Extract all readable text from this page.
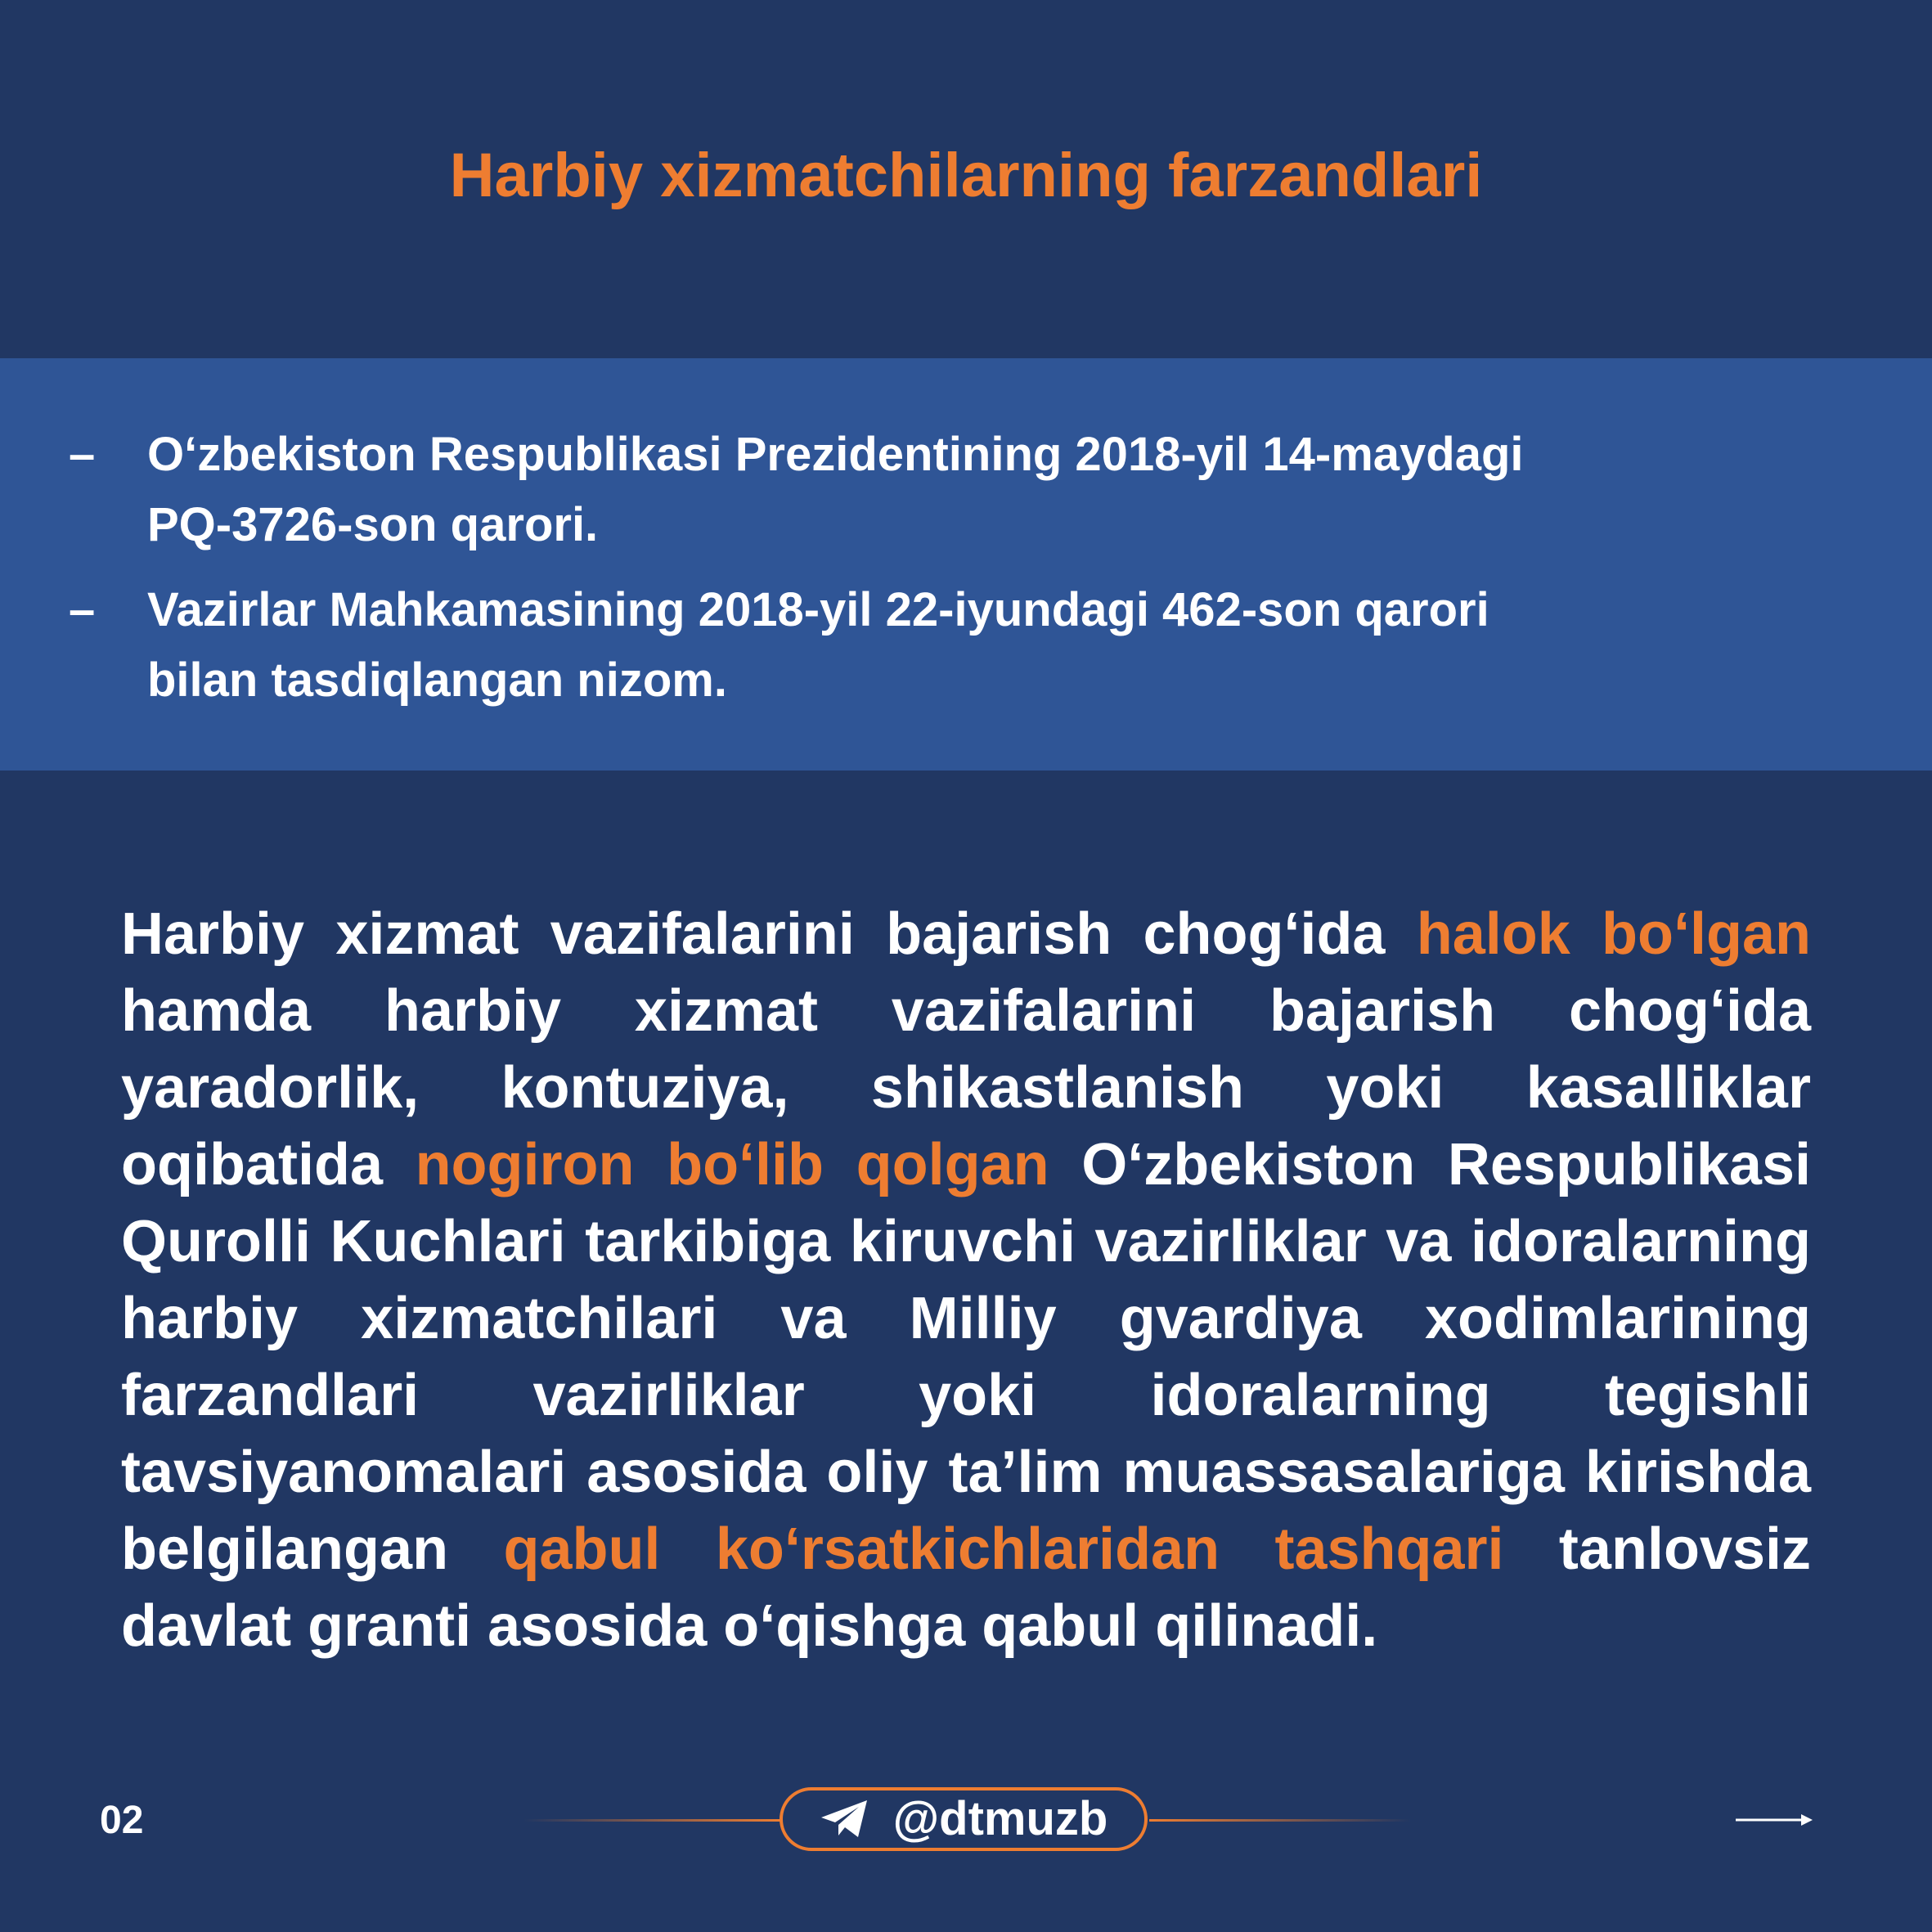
Harbiy xizmatchilarning farzandlari
– O‘zbekiston Respublikasi Prezidentining 2018-yil 14-maydagi
PQ-3726-son qarori.
– Vazirlar Mahkamasining 2018-yil 22-iyundagi 462-son qarori
bilan tasdiqlangan nizom.

Harbiy xizmat vazifalarini bajarish chog‘ida halok bo‘lgan hamda harbiy xizmat vazifalarini bajarish chog‘ida yaradorlik, kontuziya, shikastlanish yoki kasalliklar oqibatida nogiron bo‘lib qolgan O‘zbekiston Respublikasi Qurolli Kuchlari tarkibiga kiruvchi vazirliklar va idoralarning harbiy xizmatchilari va Milliy gvardiya xodimlarining farzandlari vazirliklar yoki idoralarning tegishli tavsiyanomalari asosida oliy ta’lim muassasalariga kirishda belgilangan qabul ko‘rsatkichlaridan tashqari tanlovsiz davlat granti asosida o‘qishga qabul qilinadi.

02	@dtmuzb
